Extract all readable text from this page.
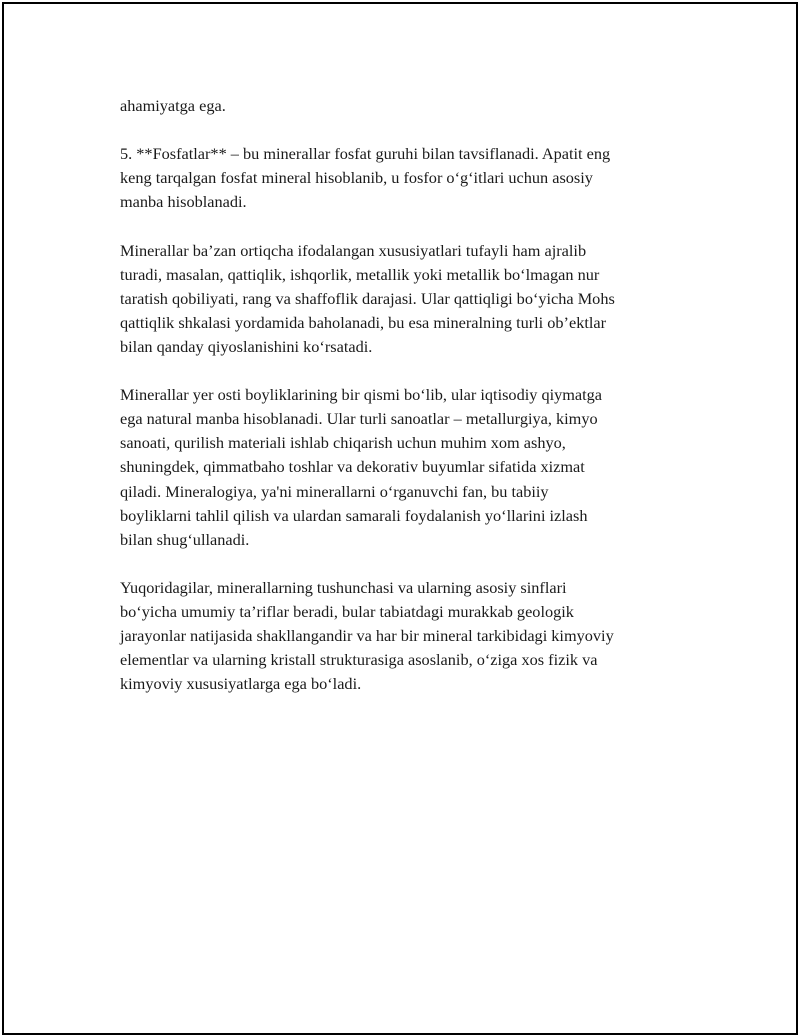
ahamiyatga ega.

5. **Fosfatlar** – bu minerallar fosfat guruhi bilan tavsiflanadi. Apatit eng
keng tarqalgan fosfat mineral hisoblanib, u fosfor o‘g‘itlari uchun asosiy
manba hisoblanadi.

Minerallar ba’zan ortiqcha ifodalangan xususiyatlari tufayli ham ajralib
turadi, masalan, qattiqlik, ishqorlik, metallik yoki metallik bo‘lmagan nur
taratish qobiliyati, rang va shaffoflik darajasi. Ular qattiqligi bo‘yicha Mohs
qattiqlik shkalasi yordamida baholanadi, bu esa mineralning turli ob’ektlar
bilan qanday qiyoslanishini ko‘rsatadi.

Minerallar yer osti boyliklarining bir qismi bo‘lib, ular iqtisodiy qiymatga
ega natural manba hisoblanadi. Ular turli sanoatlar – metallurgiya, kimyo
sanoati, qurilish materiali ishlab chiqarish uchun muhim xom ashyo,
shuningdek, qimmatbaho toshlar va dekorativ buyumlar sifatida xizmat
qiladi. Mineralogiya, ya'ni minerallarni o‘rganuvchi fan, bu tabiiy
boyliklarni tahlil qilish va ulardan samarali foydalanish yo‘llarini izlash
bilan shug‘ullanadi.

Yuqoridagilar, minerallarning tushunchasi va ularning asosiy sinflari
bo‘yicha umumiy ta’riflar beradi, bular tabiatdagi murakkab geologik
jarayonlar natijasida shakllangandir va har bir mineral tarkibidagi kimyoviy
elementlar va ularning kristall strukturasiga asoslanib, o‘ziga xos fizik va
kimyoviy xususiyatlarga ega bo‘ladi.
